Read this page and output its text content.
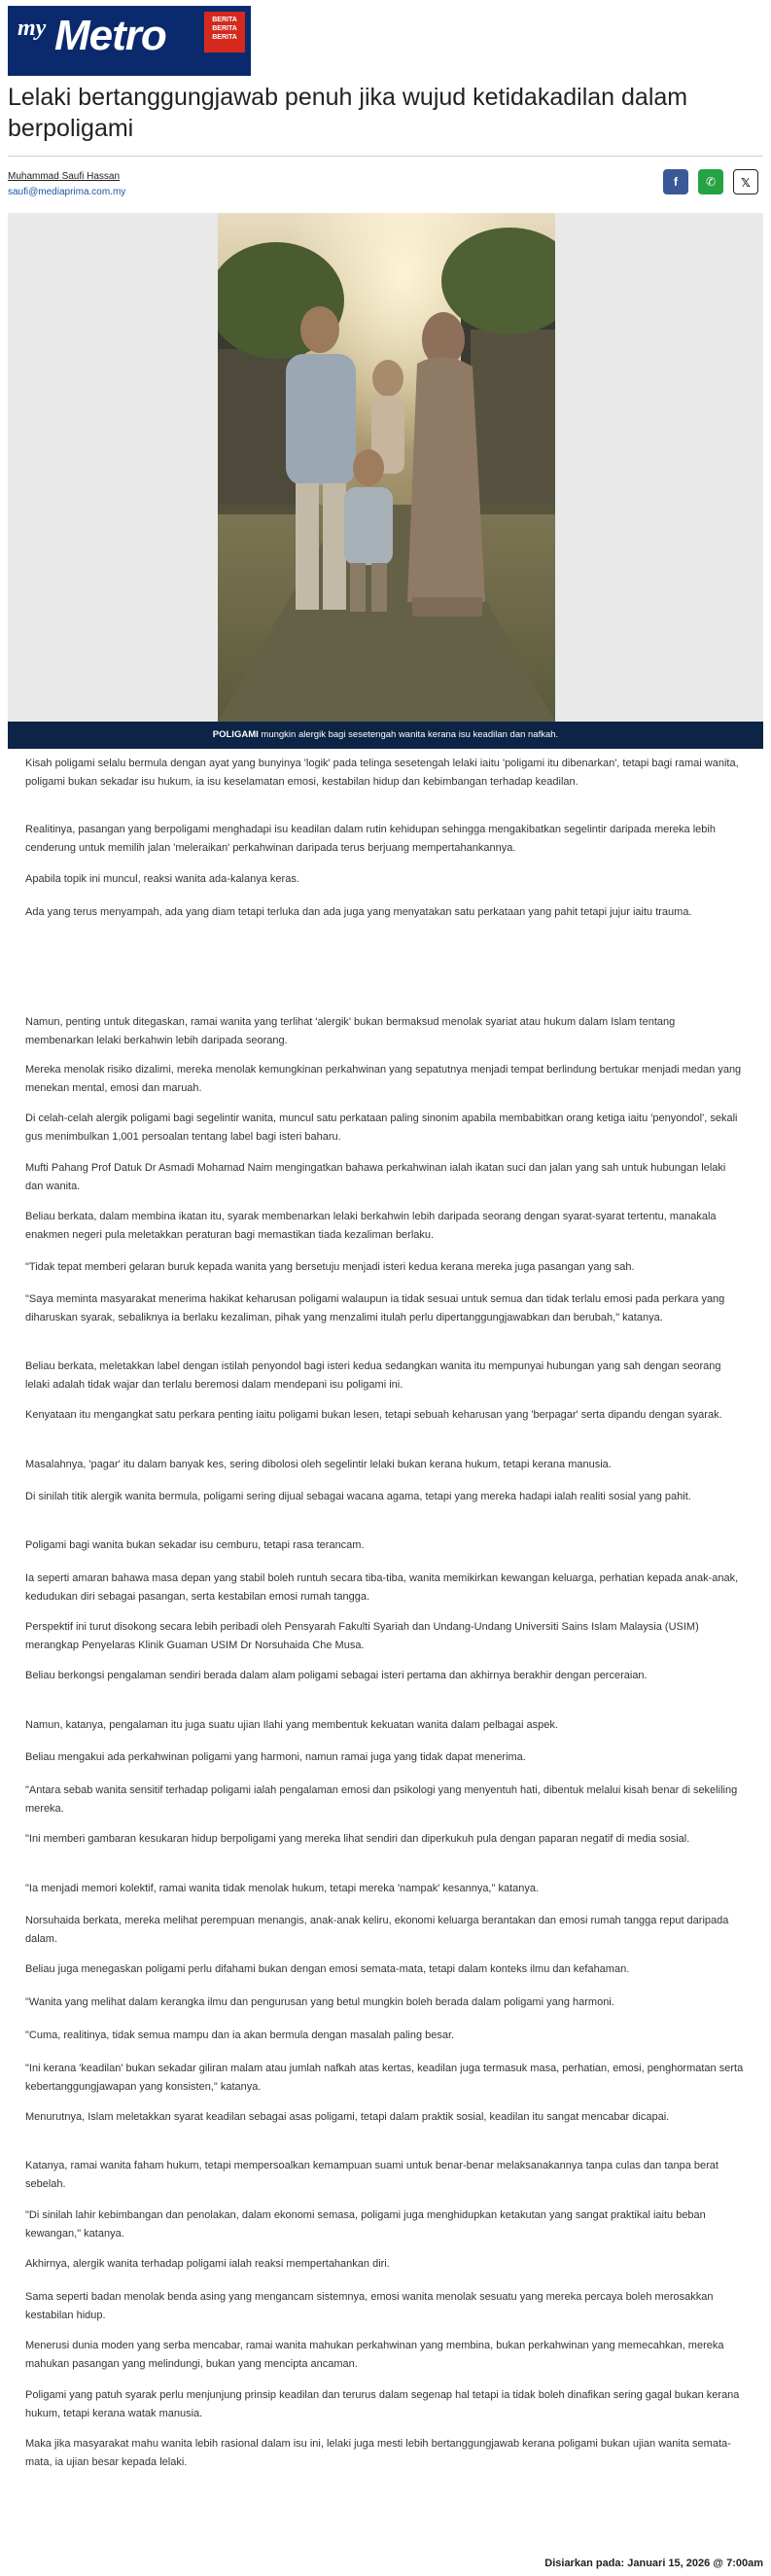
my Metro	BERITA BERITA BERITA
Lelaki bertanggungjawab penuh jika wujud ketidakadilan dalam berpoligami
Muhammad Saufi Hassan
saufi@mediaprima.com.my
f	✆	𝕏
POLIGAMI mungkin alergik bagi sesetengah wanita kerana isu keadilan dan nafkah.

Kisah poligami selalu bermula dengan ayat yang bunyinya 'logik' pada telinga sesetengah lelaki iaitu 'poligami itu dibenarkan', tetapi bagi ramai wanita, poligami bukan sekadar isu hukum, ia isu keselamatan emosi, kestabilan hidup dan kebimbangan terhadap keadilan.

Realitinya, pasangan yang berpoligami menghadapi isu keadilan dalam rutin kehidupan sehingga mengakibatkan segelintir daripada mereka lebih cenderung untuk memilih jalan 'meleraikan' perkahwinan daripada terus berjuang mempertahankannya.

Apabila topik ini muncul, reaksi wanita ada-kalanya keras.

Ada yang terus menyampah, ada yang diam tetapi terluka dan ada juga yang menyatakan satu perkataan yang pahit tetapi jujur iaitu trauma.

Namun, penting untuk ditegaskan, ramai wanita yang terlihat 'alergik' bukan bermaksud menolak syariat atau hukum dalam Islam tentang membenarkan lelaki berkahwin lebih daripada seorang.

Mereka menolak risiko dizalimi, mereka menolak kemungkinan perkahwinan yang sepatutnya menjadi tempat berlindung bertukar menjadi medan yang menekan mental, emosi dan maruah.

Di celah-celah alergik poligami bagi segelintir wanita, muncul satu perkataan paling sinonim apabila membabitkan orang ketiga iaitu 'penyondol', sekali gus menimbulkan 1,001 persoalan tentang label bagi isteri baharu.

Mufti Pahang Prof Datuk Dr Asmadi Mohamad Naim mengingatkan bahawa perkahwinan ialah ikatan suci dan jalan yang sah untuk hubungan lelaki dan wanita.

Beliau berkata, dalam membina ikatan itu, syarak membenarkan lelaki berkahwin lebih daripada seorang dengan syarat-syarat tertentu, manakala enakmen negeri pula meletakkan peraturan bagi memastikan tiada kezaliman berlaku.

"Tidak tepat memberi gelaran buruk kepada wanita yang bersetuju menjadi isteri kedua kerana mereka juga pasangan yang sah.

"Saya meminta masyarakat menerima hakikat keharusan poligami walaupun ia tidak sesuai untuk semua dan tidak terlalu emosi pada perkara yang diharuskan syarak, sebaliknya ia berlaku kezaliman, pihak yang menzalimi itulah perlu dipertanggungjawabkan dan berubah," katanya.

Beliau berkata, meletakkan label dengan istilah penyondol bagi isteri kedua sedangkan wanita itu mempunyai hubungan yang sah dengan seorang lelaki adalah tidak wajar dan terlalu beremosi dalam mendepani isu poligami ini.

Kenyataan itu mengangkat satu perkara penting iaitu poligami bukan lesen, tetapi sebuah keharusan yang 'berpagar' serta dipandu dengan syarak.

Masalahnya, 'pagar' itu dalam banyak kes, sering dibolosi oleh segelintir lelaki bukan kerana hukum, tetapi kerana manusia.

Di sinilah titik alergik wanita bermula, poligami sering dijual sebagai wacana agama, tetapi yang mereka hadapi ialah realiti sosial yang pahit.

Poligami bagi wanita bukan sekadar isu cemburu, tetapi rasa terancam.

Ia seperti amaran bahawa masa depan yang stabil boleh runtuh secara tiba-tiba, wanita memikirkan kewangan keluarga, perhatian kepada anak-anak, kedudukan diri sebagai pasangan, serta kestabilan emosi rumah tangga.

Perspektif ini turut disokong secara lebih peribadi oleh Pensyarah Fakulti Syariah dan Undang-Undang Universiti Sains Islam Malaysia (USIM) merangkap Penyelaras Klinik Guaman USIM Dr Norsuhaida Che Musa.

Beliau berkongsi pengalaman sendiri berada dalam alam poligami sebagai isteri pertama dan akhirnya berakhir dengan perceraian.

Namun, katanya, pengalaman itu juga suatu ujian Ilahi yang membentuk kekuatan wanita dalam pelbagai aspek.

Beliau mengakui ada perkahwinan poligami yang harmoni, namun ramai juga yang tidak dapat menerima.

"Antara sebab wanita sensitif terhadap poligami ialah pengalaman emosi dan psikologi yang menyentuh hati, dibentuk melalui kisah benar di sekeliling mereka.

"Ini memberi gambaran kesukaran hidup berpoligami yang mereka lihat sendiri dan diperkukuh pula dengan paparan negatif di media sosial.

"Ia menjadi memori kolektif, ramai wanita tidak menolak hukum, tetapi mereka 'nampak' kesannya," katanya.

Norsuhaida berkata, mereka melihat perempuan menangis, anak-anak keliru, ekonomi keluarga berantakan dan emosi rumah tangga reput daripada dalam.

Beliau juga menegaskan poligami perlu difahami bukan dengan emosi semata-mata, tetapi dalam konteks ilmu dan kefahaman.

"Wanita yang melihat dalam kerangka ilmu dan pengurusan yang betul mungkin boleh berada dalam poligami yang harmoni.

"Cuma, realitinya, tidak semua mampu dan ia akan bermula dengan masalah paling besar.

"Ini kerana 'keadilan' bukan sekadar giliran malam atau jumlah nafkah atas kertas, keadilan juga termasuk masa, perhatian, emosi, penghormatan serta kebertanggungjawapan yang konsisten," katanya.

Menurutnya, Islam meletakkan syarat keadilan sebagai asas poligami, tetapi dalam praktik sosial, keadilan itu sangat mencabar dicapai.

Katanya, ramai wanita faham hukum, tetapi mempersoalkan kemampuan suami untuk benar-benar melaksanakannya tanpa culas dan tanpa berat sebelah.

"Di sinilah lahir kebimbangan dan penolakan, dalam ekonomi semasa, poligami juga menghidupkan ketakutan yang sangat praktikal iaitu beban kewangan," katanya.

Akhirnya, alergik wanita terhadap poligami ialah reaksi mempertahankan diri.

Sama seperti badan menolak benda asing yang mengancam sistemnya, emosi wanita menolak sesuatu yang mereka percaya boleh merosakkan kestabilan hidup.

Menerusi dunia moden yang serba mencabar, ramai wanita mahukan perkahwinan yang membina, bukan perkahwinan yang memecahkan, mereka mahukan pasangan yang melindungi, bukan yang mencipta ancaman.

Poligami yang patuh syarak perlu menjunjung prinsip keadilan dan terurus dalam segenap hal tetapi ia tidak boleh dinafikan sering gagal bukan kerana hukum, tetapi kerana watak manusia.

Maka jika masyarakat mahu wanita lebih rasional dalam isu ini, lelaki juga mesti lebih bertanggungjawab kerana poligami bukan ujian wanita semata-mata, ia ujian besar kepada lelaki.

Disiarkan pada: Januari 15, 2026 @ 7:00am
